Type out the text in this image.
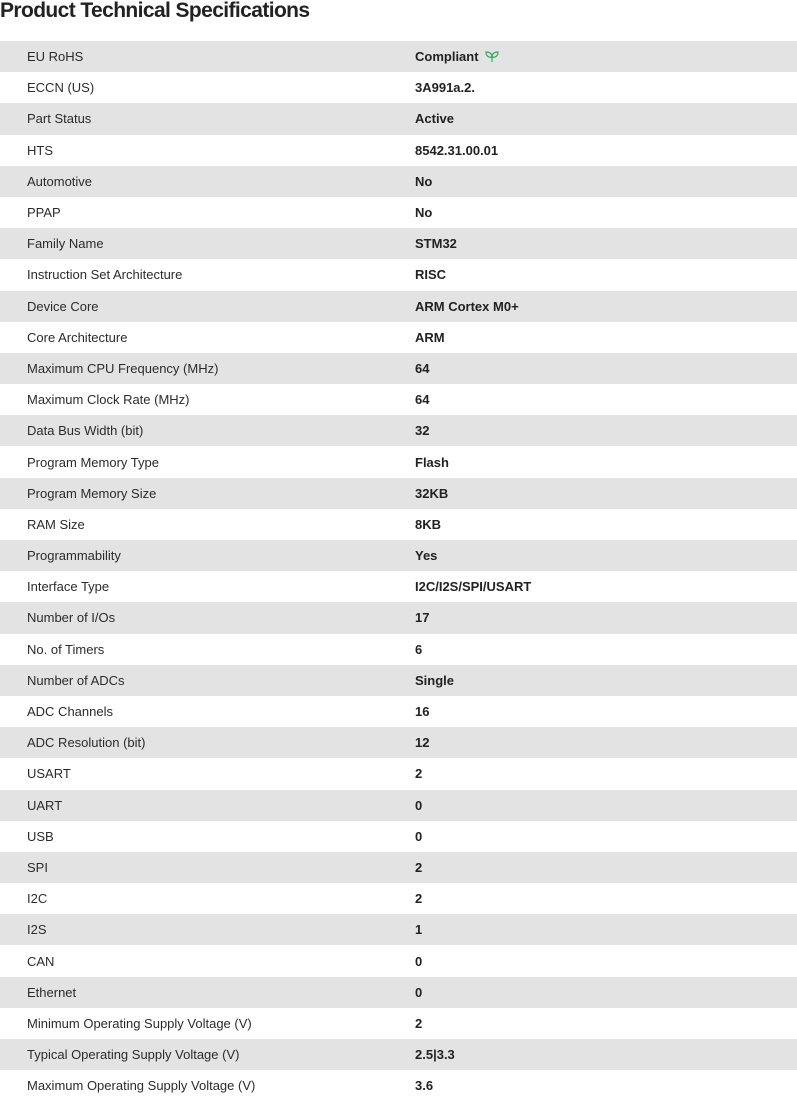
Product Technical Specifications
EU RoHS	Compliant
ECCN (US)	3A991a.2.
Part Status	Active
HTS	8542.31.00.01
Automotive	No
PPAP	No
Family Name	STM32
Instruction Set Architecture	RISC
Device Core	ARM Cortex M0+
Core Architecture	ARM
Maximum CPU Frequency (MHz)	64
Maximum Clock Rate (MHz)	64
Data Bus Width (bit)	32
Program Memory Type	Flash
Program Memory Size	32KB
RAM Size	8KB
Programmability	Yes
Interface Type	I2C/I2S/SPI/USART
Number of I/Os	17
No. of Timers	6
Number of ADCs	Single
ADC Channels	16
ADC Resolution (bit)	12
USART	2
UART	0
USB	0
SPI	2
I2C	2
I2S	1
CAN	0
Ethernet	0
Minimum Operating Supply Voltage (V)	2
Typical Operating Supply Voltage (V)	2.5|3.3
Maximum Operating Supply Voltage (V)	3.6
